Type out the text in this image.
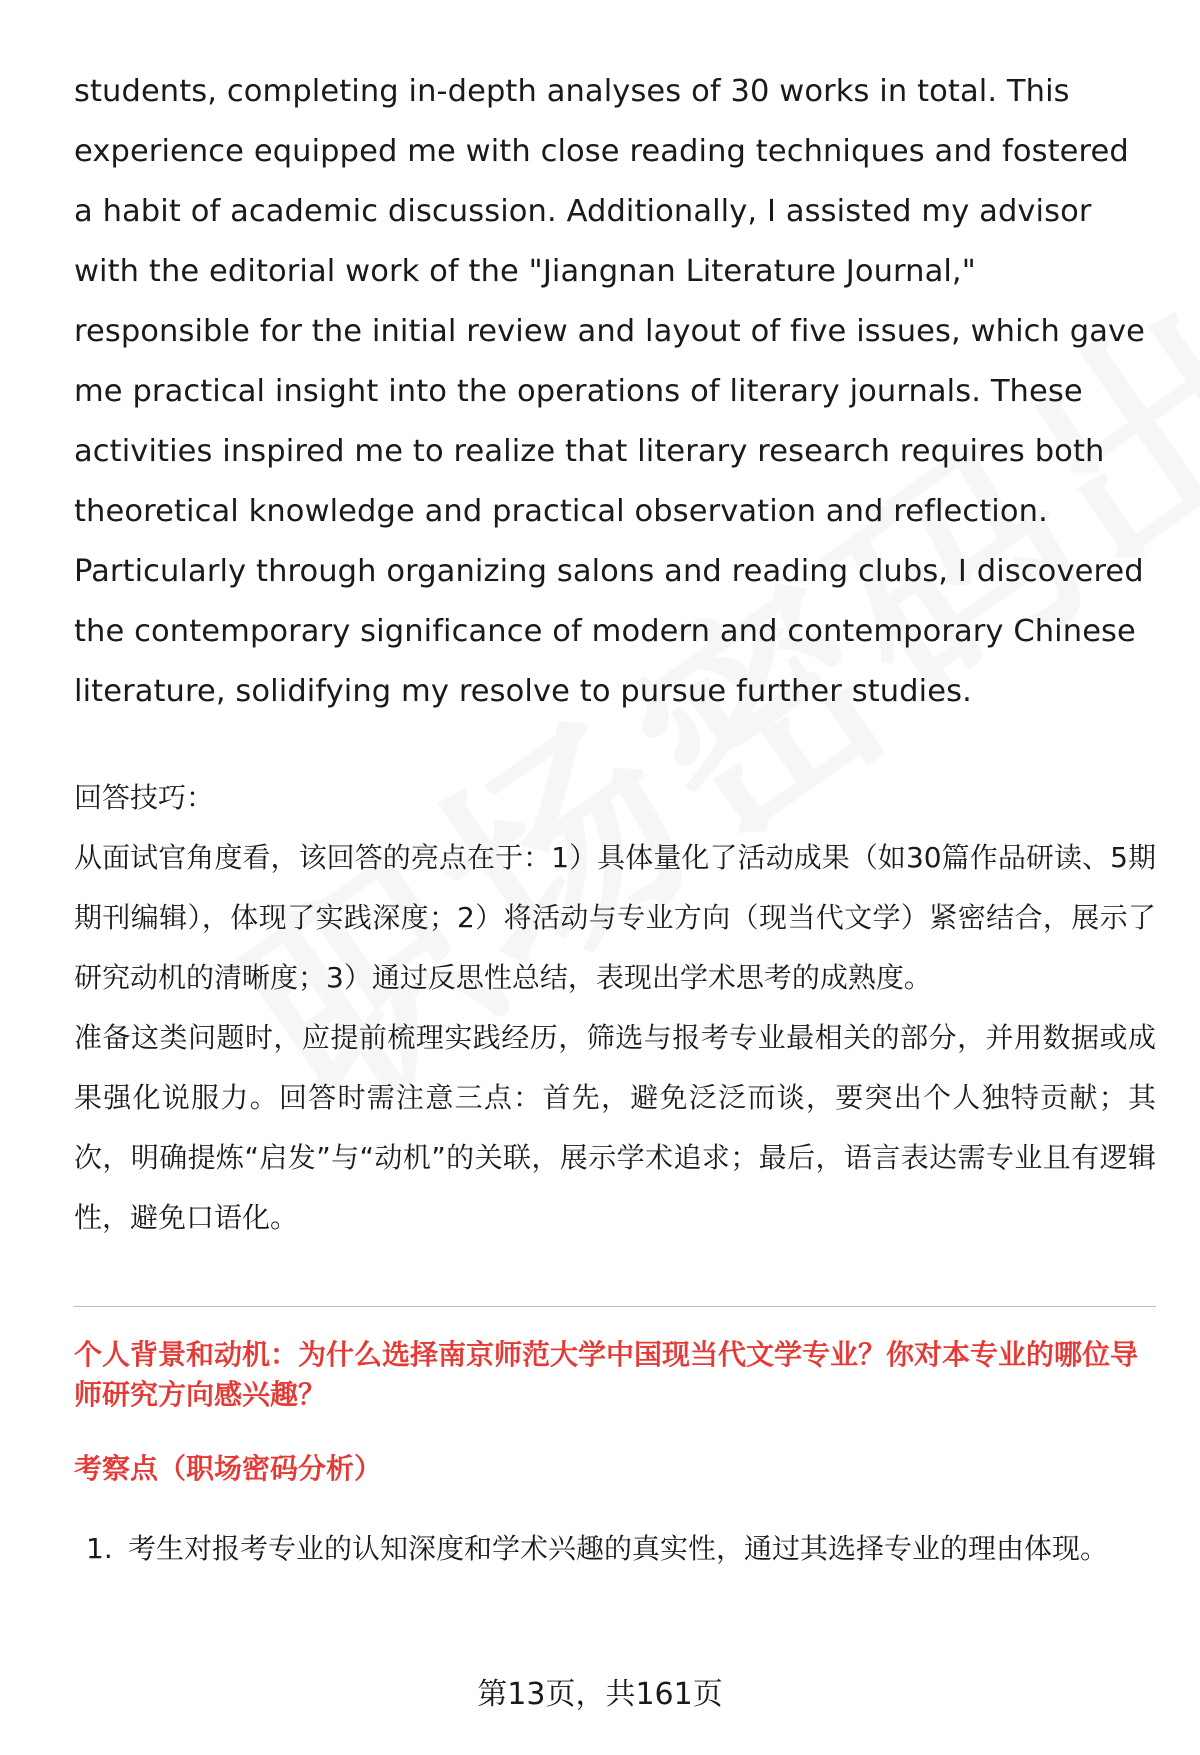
students, completing in-depth analyses of 30 works in total. This experience equipped me with close reading techniques and fostered a habit of academic discussion. Additionally, I assisted my advisor with the editorial work of the "Jiangnan Literature Journal," responsible for the initial review and layout of five issues, which gave me practical insight into the operations of literary journals. These activities inspired me to realize that literary research requires both theoretical knowledge and practical observation and reflection. Particularly through organizing salons and reading clubs, I discovered the contemporary significance of modern and contemporary Chinese literature, solidifying my resolve to pursue further studies.

回答技巧：

从面试官角度看，该回答的亮点在于：1）具体量化了活动成果（如30篇作品研读、5期期刊编辑），体现了实践深度；2）将活动与专业方向（现当代文学）紧密结合，展示了研究动机的清晰度；3）通过反思性总结，表现出学术思考的成熟度。

准备这类问题时，应提前梳理实践经历，筛选与报考专业最相关的部分，并用数据或成果强化说服力。回答时需注意三点：首先，避免泛泛而谈，要突出个人独特贡献；其次，明确提炼“启发”与“动机”的关联，展示学术追求；最后，语言表达需专业且有逻辑性，避免口语化。

个人背景和动机：为什么选择南京师范大学中国现当代文学专业？你对本专业的哪位导师研究方向感兴趣？

考察点（职场密码分析）

1. 考生对报考专业的认知深度和学术兴趣的真实性，通过其选择专业的理由体现。
第13页，共161页
